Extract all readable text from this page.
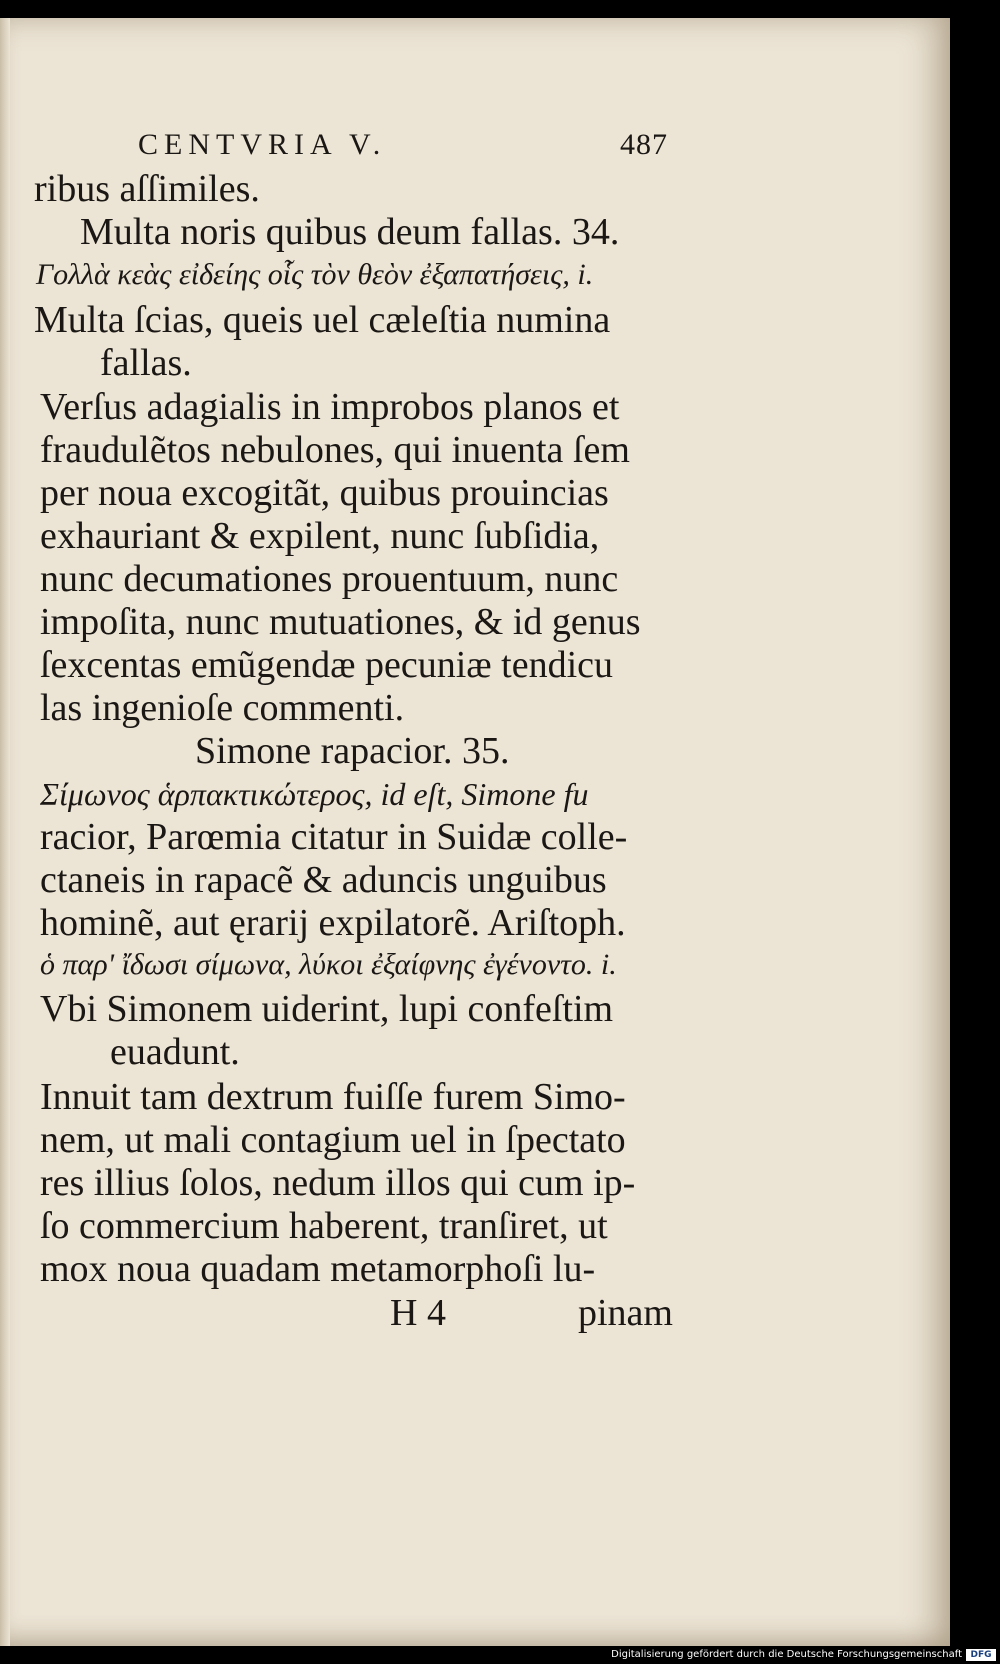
CENTVRIA V.	487
ribus aſſimiles.
Multa noris quibus deum fallas. 34.
Γολλὰ κεὰς εἰδείης οἷς τὸν θεὸν ἐξαπατήσεις, i.
Multa ſcias, queis uel cæleſtia numina
fallas.
Verſus adagialis in improbos planos et
fraudulẽtos nebulones, qui inuenta ſem
per noua excogitãt, quibus prouincias
exhauriant & expilent, nunc ſubſidia,
nunc decumationes prouentuum, nunc
impoſita, nunc mutuationes, & id genus
ſexcentas emũgendæ pecuniæ tendicu
las ingenioſe commenti.
Simone rapacior. 35.
Σίμωνος ἁρπακτικώτερος, id eſt, Simone fu
racior, Parœmia citatur in Suidæ colle-
ctaneis in rapacẽ & aduncis unguibus
hominẽ, aut ęrarij expilatorẽ. Ariſtoph.
ὁ παρ' ἴδωσι σίμωνα, λύκοι ἐξαίφνης ἐγένοντο. i.
Vbi Simonem uiderint, lupi confeſtim
euadunt.
Innuit tam dextrum fuiſſe furem Simo-
nem, ut mali contagium uel in ſpectato
res illius ſolos, nedum illos qui cum ip-
ſo commercium haberent, tranſiret, ut
mox noua quadam metamorphoſi lu-
H 4	pinam
Digitalisierung gefördert durch die Deutsche Forschungsgemeinschaft DFG
